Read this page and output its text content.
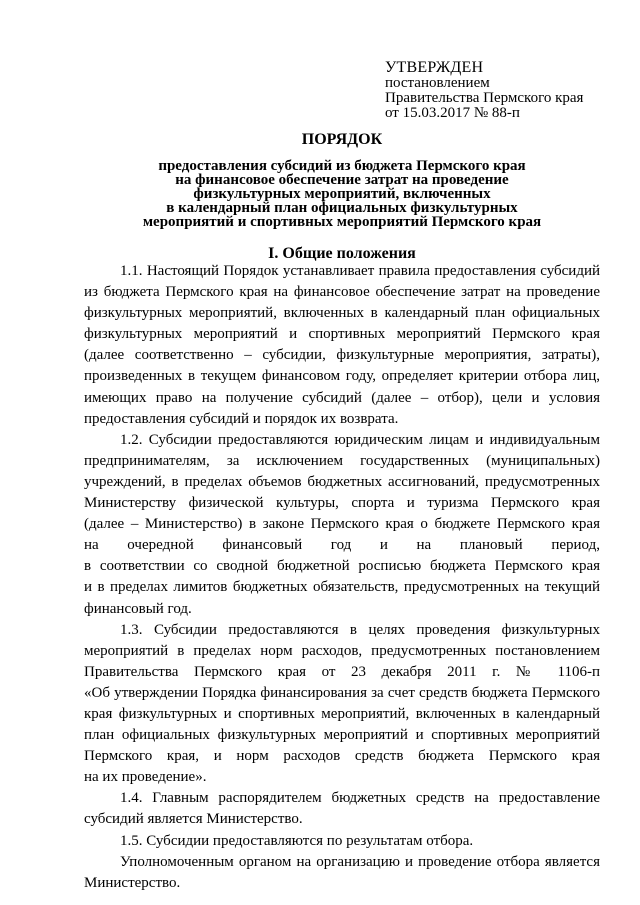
УТВЕРЖДЕН
постановлением
Правительства Пермского края
от 15.03.2017 № 88-п
ПОРЯДОК
предоставления субсидий из бюджета Пермского края
на финансовое обеспечение затрат на проведение
физкультурных мероприятий, включенных
в календарный план официальных физкультурных
мероприятий и спортивных мероприятий Пермского края
I. Общие положения
1.1. Настоящий Порядок устанавливает правила предоставления субсидий
из бюджета Пермского края на финансовое обеспечение затрат на проведение
физкультурных мероприятий, включенных в календарный план официальных
физкультурных мероприятий и спортивных мероприятий Пермского края
(далее соответственно – субсидии, физкультурные мероприятия, затраты),
произведенных в текущем финансовом году, определяет критерии отбора лиц,
имеющих право на получение субсидий (далее – отбор), цели и условия
предоставления субсидий и порядок их возврата.
1.2. Субсидии предоставляются юридическим лицам и индивидуальным
предпринимателям, за исключением государственных (муниципальных)
учреждений, в пределах объемов бюджетных ассигнований, предусмотренных
Министерству физической культуры, спорта и туризма Пермского края
(далее – Министерство) в законе Пермского края о бюджете Пермского края
на очередной финансовый год и на плановый период,
в соответствии со сводной бюджетной росписью бюджета Пермского края
и в пределах лимитов бюджетных обязательств, предусмотренных на текущий
финансовый год.
1.3. Субсидии предоставляются в целях проведения физкультурных
мероприятий в пределах норм расходов, предусмотренных постановлением
Правительства Пермского края от 23 декабря 2011 г. № 1106-п
«Об утверждении Порядка финансирования за счет средств бюджета Пермского
края физкультурных и спортивных мероприятий, включенных в календарный
план официальных физкультурных мероприятий и спортивных мероприятий
Пермского края, и норм расходов средств бюджета Пермского края
на их проведение».
1.4. Главным распорядителем бюджетных средств на предоставление
субсидий является Министерство.
1.5. Субсидии предоставляются по результатам отбора.
Уполномоченным органом на организацию и проведение отбора является
Министерство.
